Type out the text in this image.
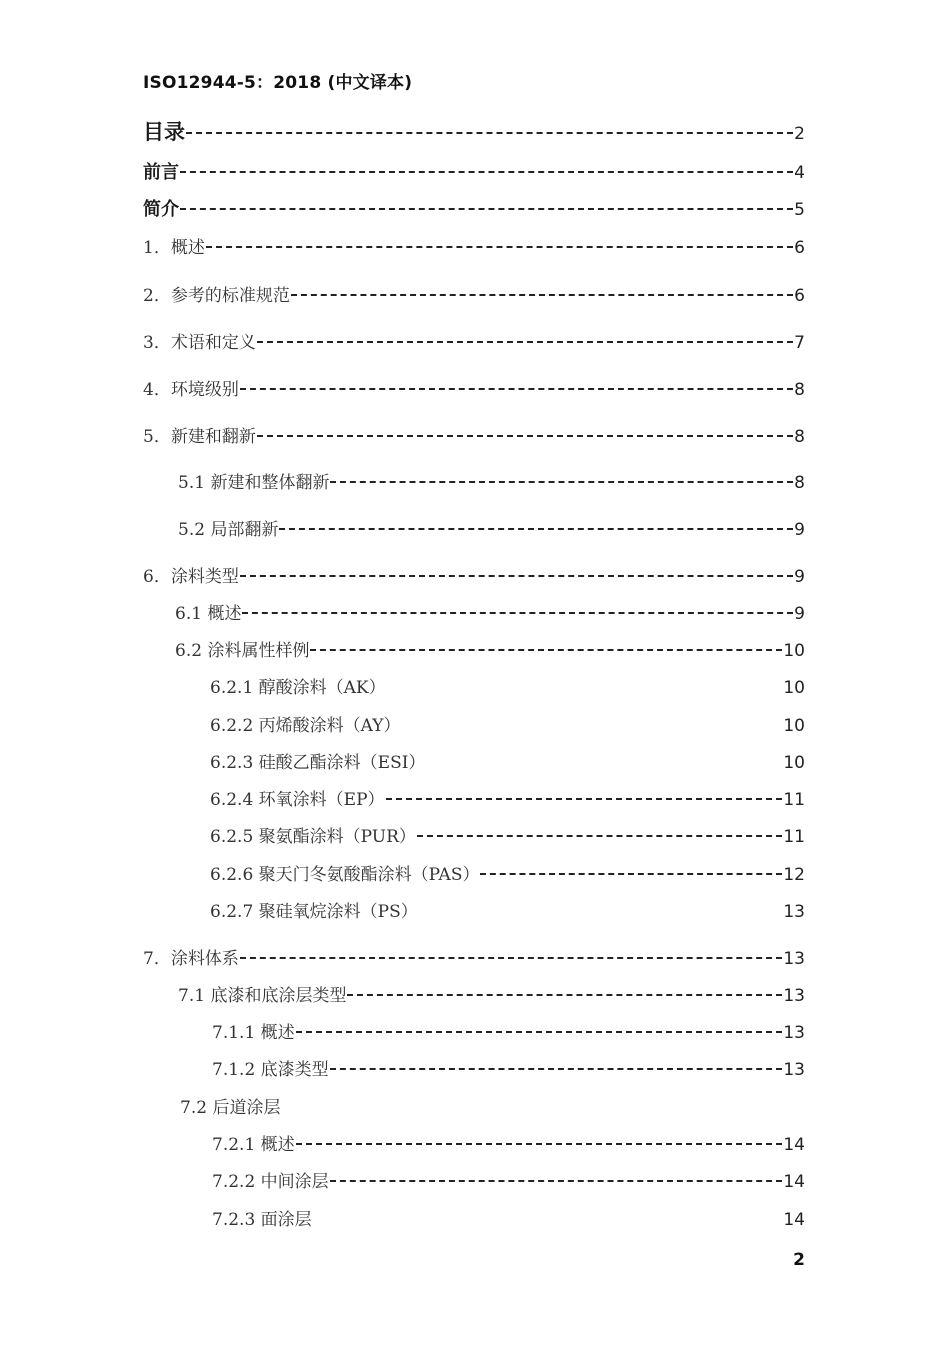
ISO12944-5：2018 (中文译本)
目录	2
前言	4
简介	5
1．概述	6
2．参考的标准规范	6
3．术语和定义	7
4．环境级别	8
5．新建和翻新	8
5.1 新建和整体翻新	8
5.2 局部翻新	9
6．涂料类型	9
6.1 概述	9
6.2 涂料属性样例	10
6.2.1 醇酸涂料（AK）	10
6.2.2 丙烯酸涂料（AY）	10
6.2.3 硅酸乙酯涂料（ESI）	10
6.2.4 环氧涂料（EP）	11
6.2.5 聚氨酯涂料（PUR）	11
6.2.6 聚天门冬氨酸酯涂料（PAS）	12
6.2.7 聚硅氧烷涂料（PS）	13
7．涂料体系	13
7.1 底漆和底涂层类型	13
7.1.1 概述	13
7.1.2 底漆类型	13
7.2 后道涂层
7.2.1 概述	14
7.2.2 中间涂层	14
7.2.3 面涂层	14
2
